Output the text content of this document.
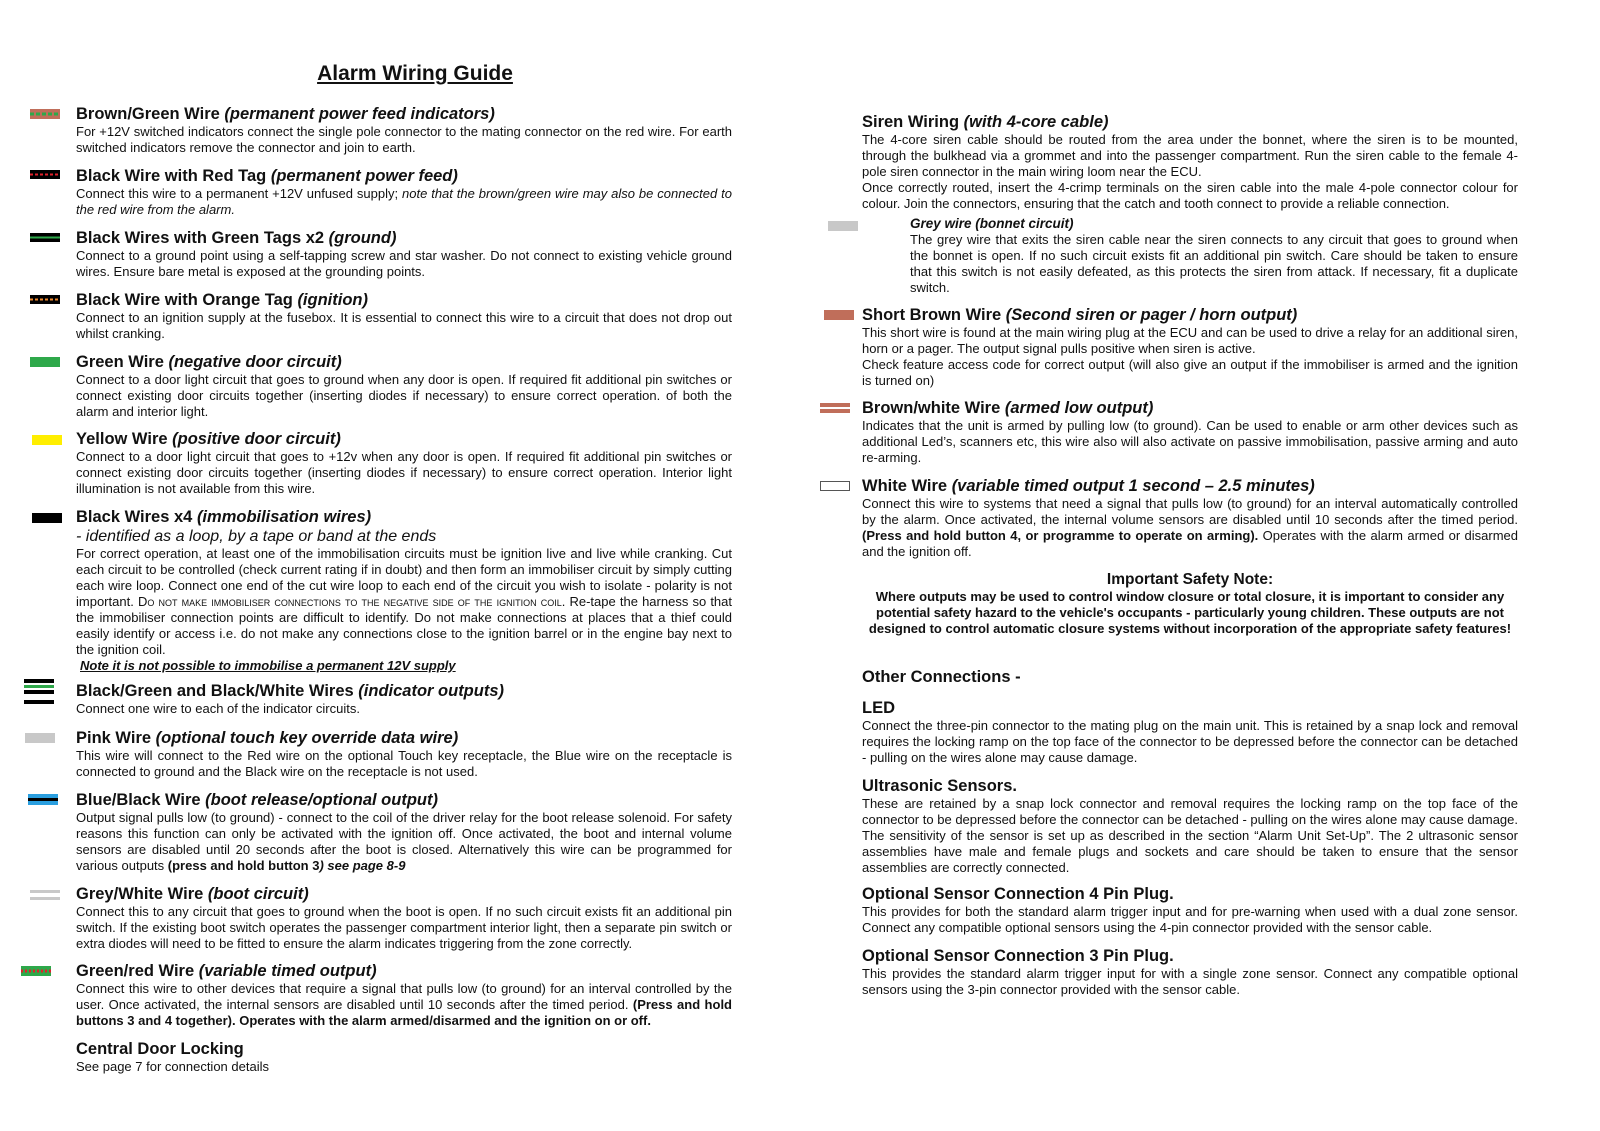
Alarm Wiring Guide
Brown/Green Wire (permanent power feed indicators)

For +12V switched indicators connect the single pole connector to the mating connector on the red wire. For earth switched indicators remove the connector and join to earth.

Black Wire with Red Tag (permanent power feed)

Connect this wire to a permanent +12V unfused supply; note that the brown/green wire may also be connected to the red wire from the alarm.

Black Wires with Green Tags x2 (ground)

Connect to a ground point using a self-tapping screw and star washer. Do not connect to existing vehicle ground wires. Ensure bare metal is exposed at the grounding points.

Black Wire with Orange Tag (ignition)

Connect to an ignition supply at the fusebox. It is essential to connect this wire to a circuit that does not drop out whilst cranking.

Green Wire (negative door circuit)

Connect to a door light circuit that goes to ground when any door is open. If required fit additional pin switches or connect existing door circuits together (inserting diodes if necessary) to ensure correct operation. of both the alarm and interior light.

Yellow Wire (positive door circuit)

Connect to a door light circuit that goes to +12v when any door is open. If required fit additional pin switches or connect existing door circuits together (inserting diodes if necessary) to ensure correct operation. Interior light illumination is not available from this wire.

Black Wires x4 (immobilisation wires)

- identified as a loop, by a tape or band at the ends

For correct operation, at least one of the immobilisation circuits must be ignition live and live while cranking. Cut each circuit to be controlled (check current rating if in doubt) and then form an immobiliser circuit by simply cutting each wire loop. Connect one end of the cut wire loop to each end of the circuit you wish to isolate - polarity is not important. Do not make immobiliser connections to the negative side of the ignition coil. Re-tape the harness so that the immobiliser connection points are difficult to identify. Do not make connections at places that a thief could easily identify or access i.e. do not make any connections close to the ignition barrel or in the engine bay next to the ignition coil.

Note it is not possible to immobilise a permanent 12V supply

Black/Green and Black/White Wires (indicator outputs)

Connect one wire to each of the indicator circuits.

Pink Wire (optional touch key override data wire)

This wire will connect to the Red wire on the optional Touch key receptacle, the Blue wire on the receptacle is connected to ground and the Black wire on the receptacle is not used.

Blue/Black Wire (boot release/optional output)

Output signal pulls low (to ground) - connect to the coil of the driver relay for the boot release solenoid. For safety reasons this function can only be activated with the ignition off. Once activated, the boot and internal volume sensors are disabled until 20 seconds after the boot is closed. Alternatively this wire can be programmed for various outputs (press and hold button 3) see page 8-9

Grey/White Wire (boot circuit)

Connect this to any circuit that goes to ground when the boot is open. If no such circuit exists fit an additional pin switch. If the existing boot switch operates the passenger compartment interior light, then a separate pin switch or extra diodes will need to be fitted to ensure the alarm indicates triggering from the zone correctly.

Green/red Wire (variable timed output)

Connect this wire to other devices that require a signal that pulls low (to ground) for an interval controlled by the user. Once activated, the internal sensors are disabled until 10 seconds after the timed period. (Press and hold buttons 3 and 4 together). Operates with the alarm armed/disarmed and the ignition on or off.

Central Door Locking

See page 7 for connection details

Siren Wiring (with 4-core cable)

The 4-core siren cable should be routed from the area under the bonnet, where the siren is to be mounted, through the bulkhead via a grommet and into the passenger compartment. Run the siren cable to the female 4-pole siren connector in the main wiring loom near the ECU.

Once correctly routed, insert the 4-crimp terminals on the siren cable into the male 4-pole connector colour for colour. Join the connectors, ensuring that the catch and tooth connect to provide a reliable connection.

Grey wire (bonnet circuit)

The grey wire that exits the siren cable near the siren connects to any circuit that goes to ground when the bonnet is open. If no such circuit exists fit an additional pin switch. Care should be taken to ensure that this switch is not easily defeated, as this protects the siren from attack. If necessary, fit a duplicate switch.

Short Brown Wire (Second siren or pager / horn output)

This short wire is found at the main wiring plug at the ECU and can be used to drive a relay for an additional siren, horn or a pager. The output signal pulls positive when siren is active.

Check feature access code for correct output (will also give an output if the immobiliser is armed and the ignition is turned on)

Brown/white Wire (armed low output)

Indicates that the unit is armed by pulling low (to ground). Can be used to enable or arm other devices such as additional Led’s, scanners etc, this wire also will also activate on passive immobilisation, passive arming and auto re-arming.

White Wire (variable timed output 1 second – 2.5 minutes)

Connect this wire to systems that need a signal that pulls low (to ground) for an interval automatically controlled by the alarm. Once activated, the internal volume sensors are disabled until 10 seconds after the timed period. (Press and hold button 4, or programme to operate on arming). Operates with the alarm armed or disarmed and the ignition off.

Important Safety Note:

Where outputs may be used to control window closure or total closure, it is important to consider any potential safety hazard to the vehicle's occupants - particularly young children. These outputs are not designed to control automatic closure systems without incorporation of the appropriate safety features!

Other Connections -
LED

Connect the three-pin connector to the mating plug on the main unit. This is retained by a snap lock and removal requires the locking ramp on the top face of the connector to be depressed before the connector can be detached - pulling on the wires alone may cause damage.

Ultrasonic Sensors.

These are retained by a snap lock connector and removal requires the locking ramp on the top face of the connector to be depressed before the connector can be detached - pulling on the wires alone may cause damage. The sensitivity of the sensor is set up as described in the section “Alarm Unit Set-Up”. The 2 ultrasonic sensor assemblies have male and female plugs and sockets and care should be taken to ensure that the sensor assemblies are correctly connected.

Optional Sensor Connection 4 Pin Plug.

This provides for both the standard alarm trigger input and for pre-warning when used with a dual zone sensor. Connect any compatible optional sensors using the 4-pin connector provided with the sensor cable.

Optional Sensor Connection 3 Pin Plug.

This provides the standard alarm trigger input for with a single zone sensor. Connect any compatible optional sensors using the 3-pin connector provided with the sensor cable.
